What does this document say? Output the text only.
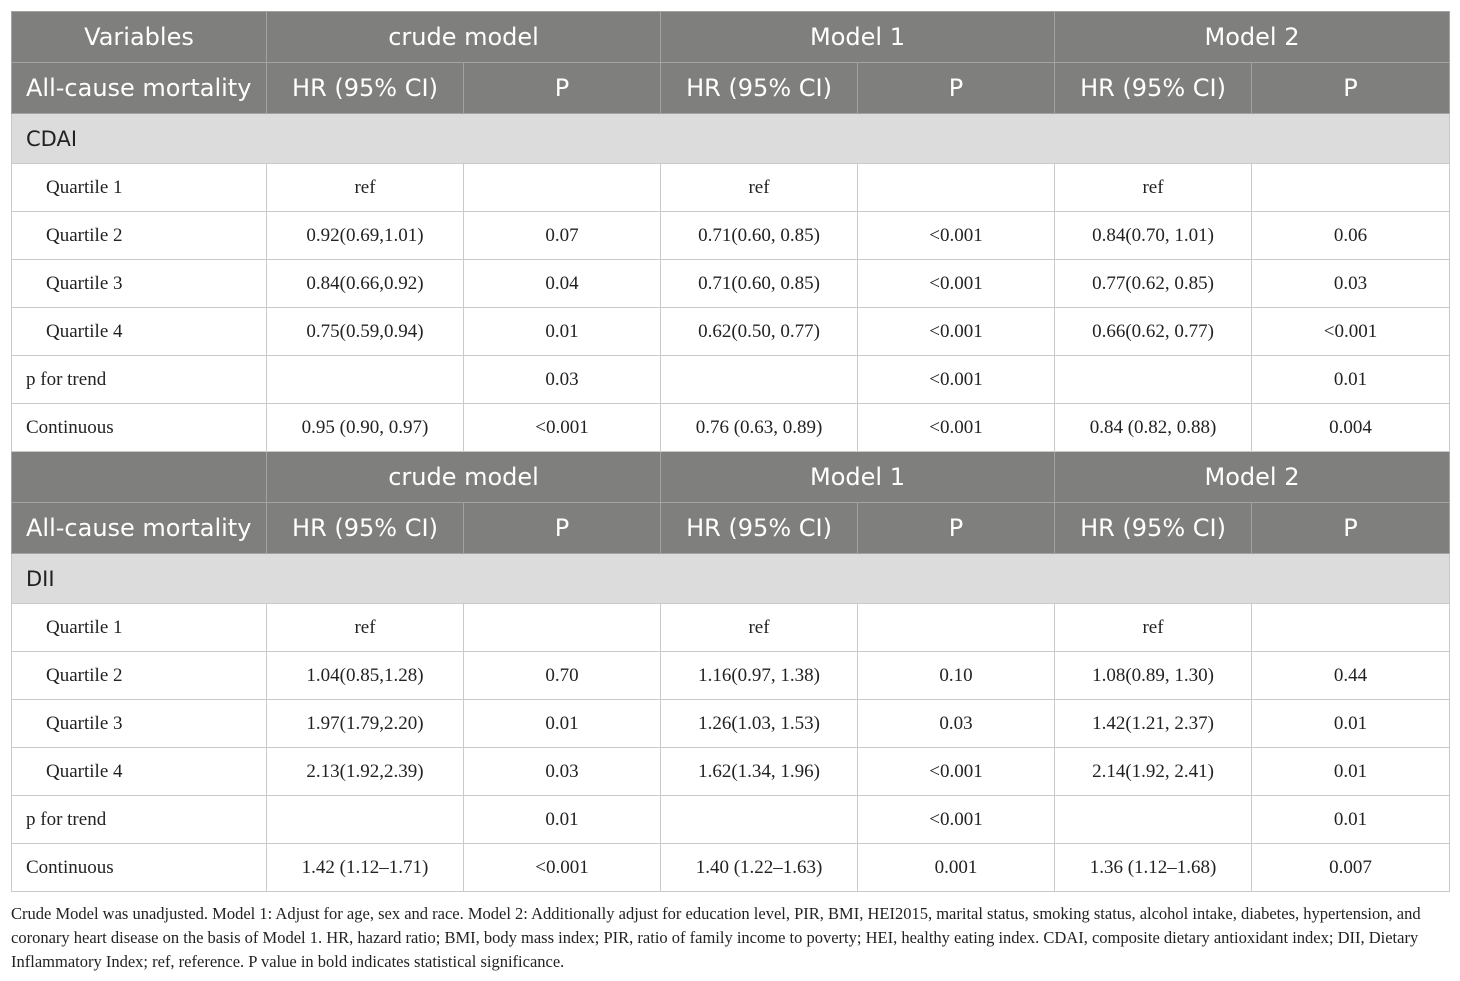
Variables	crude model		Model 1		Model 2	
All-cause mortality	HR (95% CI)	P	HR (95% CI)	P	HR (95% CI)	P
CDAI						
Quartile 1	ref		ref		ref	
Quartile 2	0.92(0.69,1.01)	0.07	0.71(0.60, 0.85)	<0.001	0.84(0.70, 1.01)	0.06
Quartile 3	0.84(0.66,0.92)	0.04	0.71(0.60, 0.85)	<0.001	0.77(0.62, 0.85)	0.03
Quartile 4	0.75(0.59,0.94)	0.01	0.62(0.50, 0.77)	<0.001	0.66(0.62, 0.77)	<0.001
p for trend		0.03		<0.001		0.01
Continuous	0.95 (0.90, 0.97)	<0.001	0.76 (0.63, 0.89)	<0.001	0.84 (0.82, 0.88)	0.004
	crude model		Model 1		Model 2	
All-cause mortality	HR (95% CI)	P	HR (95% CI)	P	HR (95% CI)	P
DII						
Quartile 1	ref		ref		ref	
Quartile 2	1.04(0.85,1.28)	0.70	1.16(0.97, 1.38)	0.10	1.08(0.89, 1.30)	0.44
Quartile 3	1.97(1.79,2.20)	0.01	1.26(1.03, 1.53)	0.03	1.42(1.21, 2.37)	0.01
Quartile 4	2.13(1.92,2.39)	0.03	1.62(1.34, 1.96)	<0.001	2.14(1.92, 2.41)	0.01
p for trend		0.01		<0.001		0.01
Continuous	1.42 (1.12–1.71)	<0.001	1.40 (1.22–1.63)	0.001	1.36 (1.12–1.68)	0.007
Crude Model was unadjusted. Model 1: Adjust for age, sex and race. Model 2: Additionally adjust for education level, PIR, BMI, HEI2015, marital status, smoking status, alcohol intake, diabetes, hypertension, and coronary heart disease on the basis of Model 1. HR, hazard ratio; BMI, body mass index; PIR, ratio of family income to poverty; HEI, healthy eating index. CDAI, composite dietary antioxidant index; DII, Dietary Inflammatory Index; ref, reference. P value in bold indicates statistical significance.
